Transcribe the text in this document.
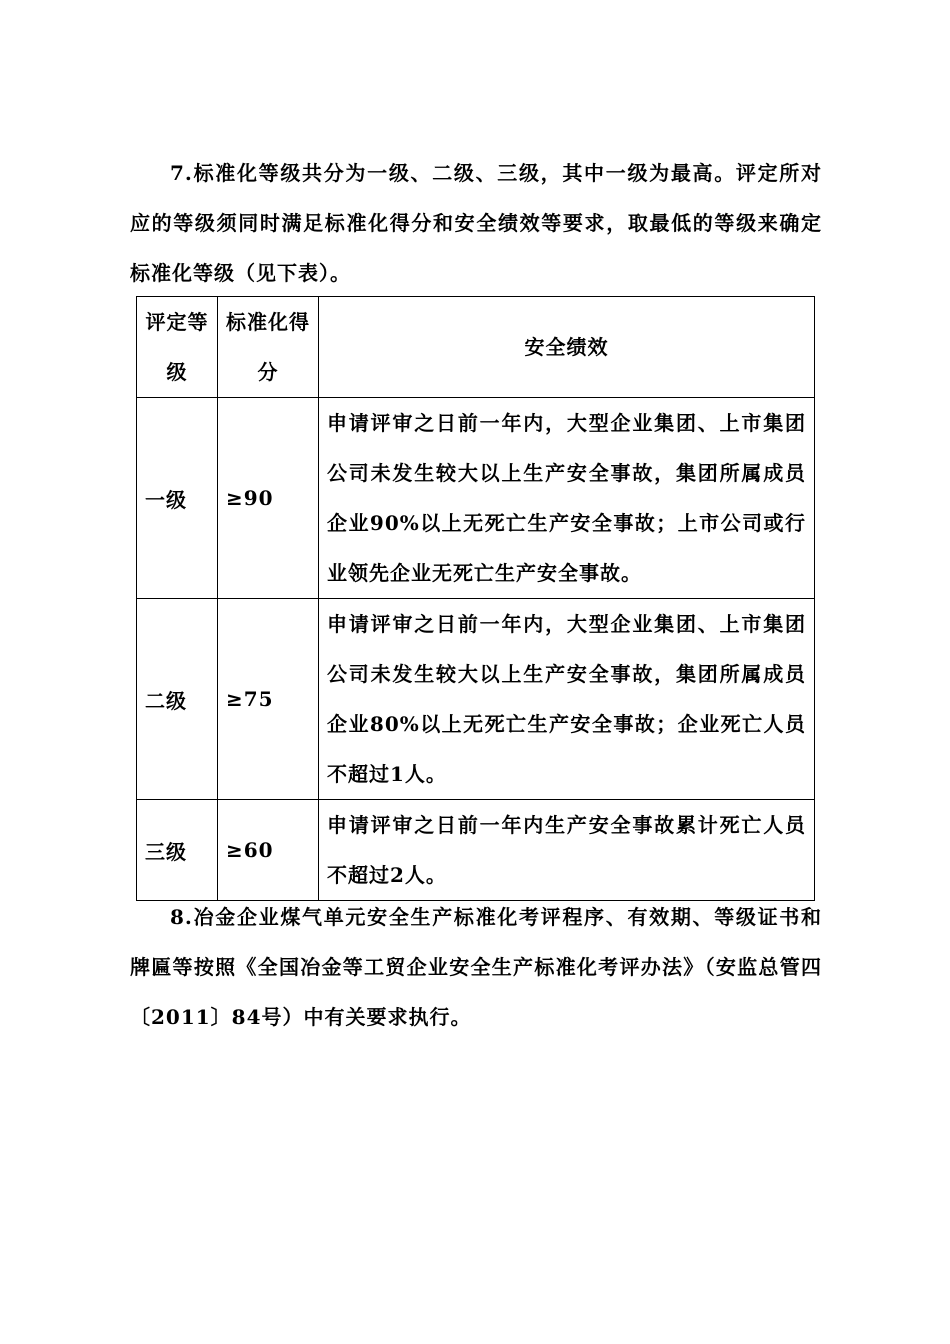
7.标准化等级共分为一级、二级、三级，其中一级为最高。评定所对应的等级须同时满足标准化得分和安全绩效等要求，取最低的等级来确定标准化等级（见下表）。
评定等级	标准化得分	安全绩效
一级	≥90	申请评审之日前一年内，大型企业集团、上市集团公司未发生较大以上生产安全事故，集团所属成员企业90%以上无死亡生产安全事故；上市公司或行业领先企业无死亡生产安全事故。
二级	≥75	申请评审之日前一年内，大型企业集团、上市集团公司未发生较大以上生产安全事故，集团所属成员企业80%以上无死亡生产安全事故；企业死亡人员不超过1人。
三级	≥60	申请评审之日前一年内生产安全事故累计死亡人员不超过2人。
8.冶金企业煤气单元安全生产标准化考评程序、有效期、等级证书和牌匾等按照《全国冶金等工贸企业安全生产标准化考评办法》（安监总管四〔2011〕84号）中有关要求执行。
